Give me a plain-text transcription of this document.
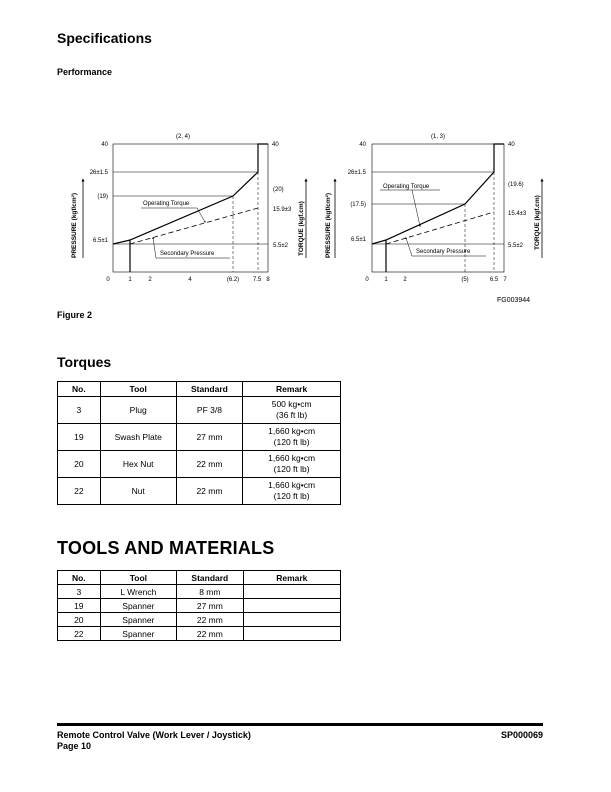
Specifications
Performance
(2, 4)
PRESSURE (kgf/cm²)	TORQUE (kgf.cm)
Operating Torque
Secondary Pressure
40
26±1.5
(19)
6.5±1
40
(20)
15.9±3
5.5±2
0	1	2	4	(6.2) 7.5 8
(1, 3)
PRESSURE (kgf/cm²)	TORQUE (kgf.cm)
Operating Torque
Secondary Pressure
40
26±1.5
(17.5)
6.5±1
40
(19.6)
15.4±3
5.5±2
0	1	2	(5)	6.5 7
FG003944
Figure 2
Torques
No.	Tool	Standard	Remark
3	Plug	PF 3/8	500 kg•cm
(36 ft lb)
19	Swash Plate	27 mm	1,660 kg•cm
(120 ft lb)
20	Hex Nut	22 mm	1,660 kg•cm
(120 ft lb)
22	Nut	22 mm	1,660 kg•cm
(120 ft lb)
TOOLS AND MATERIALS
No.	Tool	Standard	Remark
3	L Wrench	8 mm	
19	Spanner	27 mm	
20	Spanner	22 mm	
22	Spanner	22 mm	
Remote Control Valve (Work Lever / Joystick)
Page 10
SP000069
